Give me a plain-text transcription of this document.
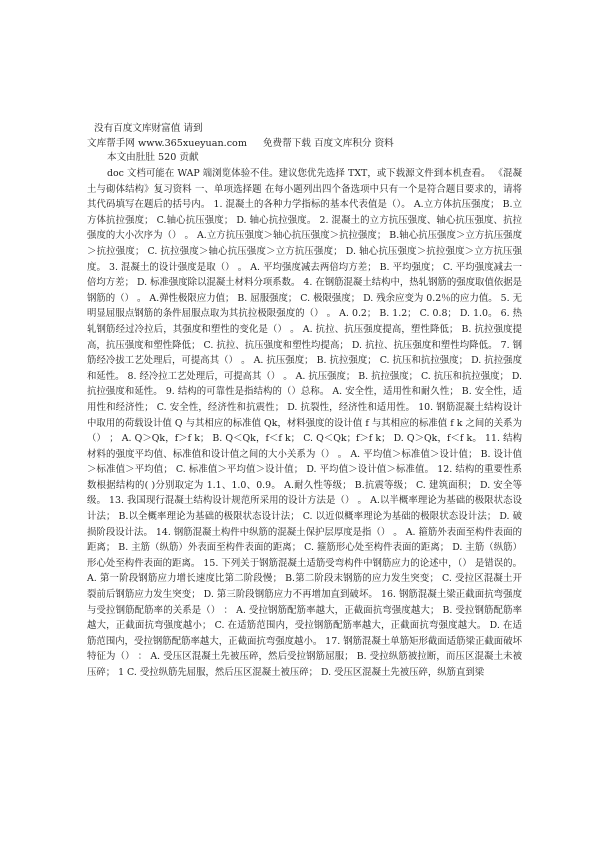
没有百度文库财富值 请到
文库帮手网 www.365xueyuan.com 免费帮下载 百度文库积分 资料
本文由肚肚 520 贡献

doc 文档可能在 WAP 端浏览体验不佳。建议您优先选择 TXT，或下载源文件到本机查看。 《混凝土与砌体结构》复习资料 一、单项选择题 在每小题列出四个备选项中只有一个是符合题目要求的，请将其代码填写在题后的括号内。 1. 混凝土的各种力学指标的基本代表值是（）。 A.立方体抗压强度； B.立方体抗拉强度； C.轴心抗压强度； D. 轴心抗拉强度。 2. 混凝土的立方抗压强度、轴心抗压强度、抗拉强度的大小次序为（） 。 A.立方抗压强度＞轴心抗压强度＞抗拉强度； B.轴心抗压强度＞立方抗压强度＞抗拉强度； C. 抗拉强度＞轴心抗压强度＞立方抗压强度； D. 轴心抗压强度＞抗拉强度＞立方抗压强度。 3. 混凝土的设计强度是取（） 。 A. 平均强度减去两倍均方差； B. 平均强度； C. 平均强度减去一倍均方差； D. 标准强度除以混凝土材料分项系数。 4. 在钢筋混凝土结构中，热轧钢筋的强度取值依据是钢筋的（） 。 A.弹性极限应力值； B. 屈服强度； C. 极限强度； D. 残余应变为 0.2％的应力值。 5. 无明显屈服点钢筋的条件屈服点取为其抗拉极限强度的（） 。 A. 0.2； B. 1.2； C. 0.8； D. 1.0。 6. 热轧钢筋经过冷拉后，其强度和塑性的变化是（） 。 A. 抗拉、抗压强度提高，塑性降低； B. 抗拉强度提高，抗压强度和塑性降低； C. 抗拉、抗压强度和塑性均提高； D. 抗拉、抗压强度和塑性均降低。 7. 钢筋经冷拔工艺处理后，可提高其（） 。 A. 抗压强度； B. 抗拉强度； C. 抗压和抗拉强度； D. 抗拉强度和延性。 8. 经冷拉工艺处理后，可提高其（） 。 A. 抗压强度； B. 抗拉强度； C. 抗压和抗拉强度； D. 抗拉强度和延性。 9. 结构的可靠性是指结构的（）总称。 A. 安全性，适用性和耐久性； B. 安全性，适用性和经济性； C. 安全性，经济性和抗震性； D. 抗裂性，经济性和适用性。 10. 钢筋混凝土结构设计中取用的荷载设计值 Q 与其相应的标准值 Qk，材料强度的设计值 f 与其相应的标准值 f k 之间的关系为（） ； A. Q＞Qk，f＞f k； B. Q＜Qk，f＜f k； C. Q＜Qk；f＞f k； D. Q＞Qk，f＜f k。 11. 结构材料的强度平均值、标准值和设计值之间的大小关系为（） 。 A. 平均值＞标准值＞设计值； B. 设计值＞标准值＞平均值； C. 标准值＞平均值＞设计值； D. 平均值＞设计值＞标准值。 12. 结构的重要性系数根据结构的( )分别取定为 1.1、1.0、0.9。 A.耐久性等级； B.抗震等级； C. 建筑面积； D. 安全等级。 13. 我国现行混凝土结构设计规范所采用的设计方法是（） 。 A.以半概率理论为基础的极限状态设计法； B.以全概率理论为基础的极限状态设计法； C. 以近似概率理论为基础的极限状态设计法； D. 破损阶段设计法。 14. 钢筋混凝土构件中纵筋的混凝土保护层厚度是指（） 。 A. 箍筋外表面至构件表面的距离； B. 主筋（纵筋）外表面至构件表面的距离； C. 箍筋形心处至构件表面的距离； D. 主筋（纵筋）形心处至构件表面的距离。 15. 下列关于钢筋混凝土适筋受弯构件中钢筋应力的论述中，（） 是错误的。 A. 第一阶段钢筋应力增长速度比第二阶段慢； B.第二阶段末钢筋的应力发生突变； C. 受拉区混凝土开裂前后钢筋应力发生突变； D. 第三阶段钢筋应力不再增加直到破坏。 16. 钢筋混凝土梁正截面抗弯强度与受拉钢筋配筋率的关系是（） ： A. 受拉钢筋配筋率越大，正截面抗弯强度越大； B. 受拉钢筋配筋率越大，正截面抗弯强度越小； C. 在适筋范围内，受拉钢筋配筋率越大，正截面抗弯强度越大。 D. 在适筋范围内，受拉钢筋配筋率越大，正截面抗弯强度越小。 17. 钢筋混凝土单筋矩形截面适筋梁正截面破坏特征为（） ： A. 受压区混凝土先被压碎，然后受拉钢筋屈服； B. 受拉纵筋被拉断，而压区混凝土未被压碎； 1 C. 受拉纵筋先屈服，然后压区混凝土被压碎； D. 受压区混凝土先被压碎，纵筋直到梁
